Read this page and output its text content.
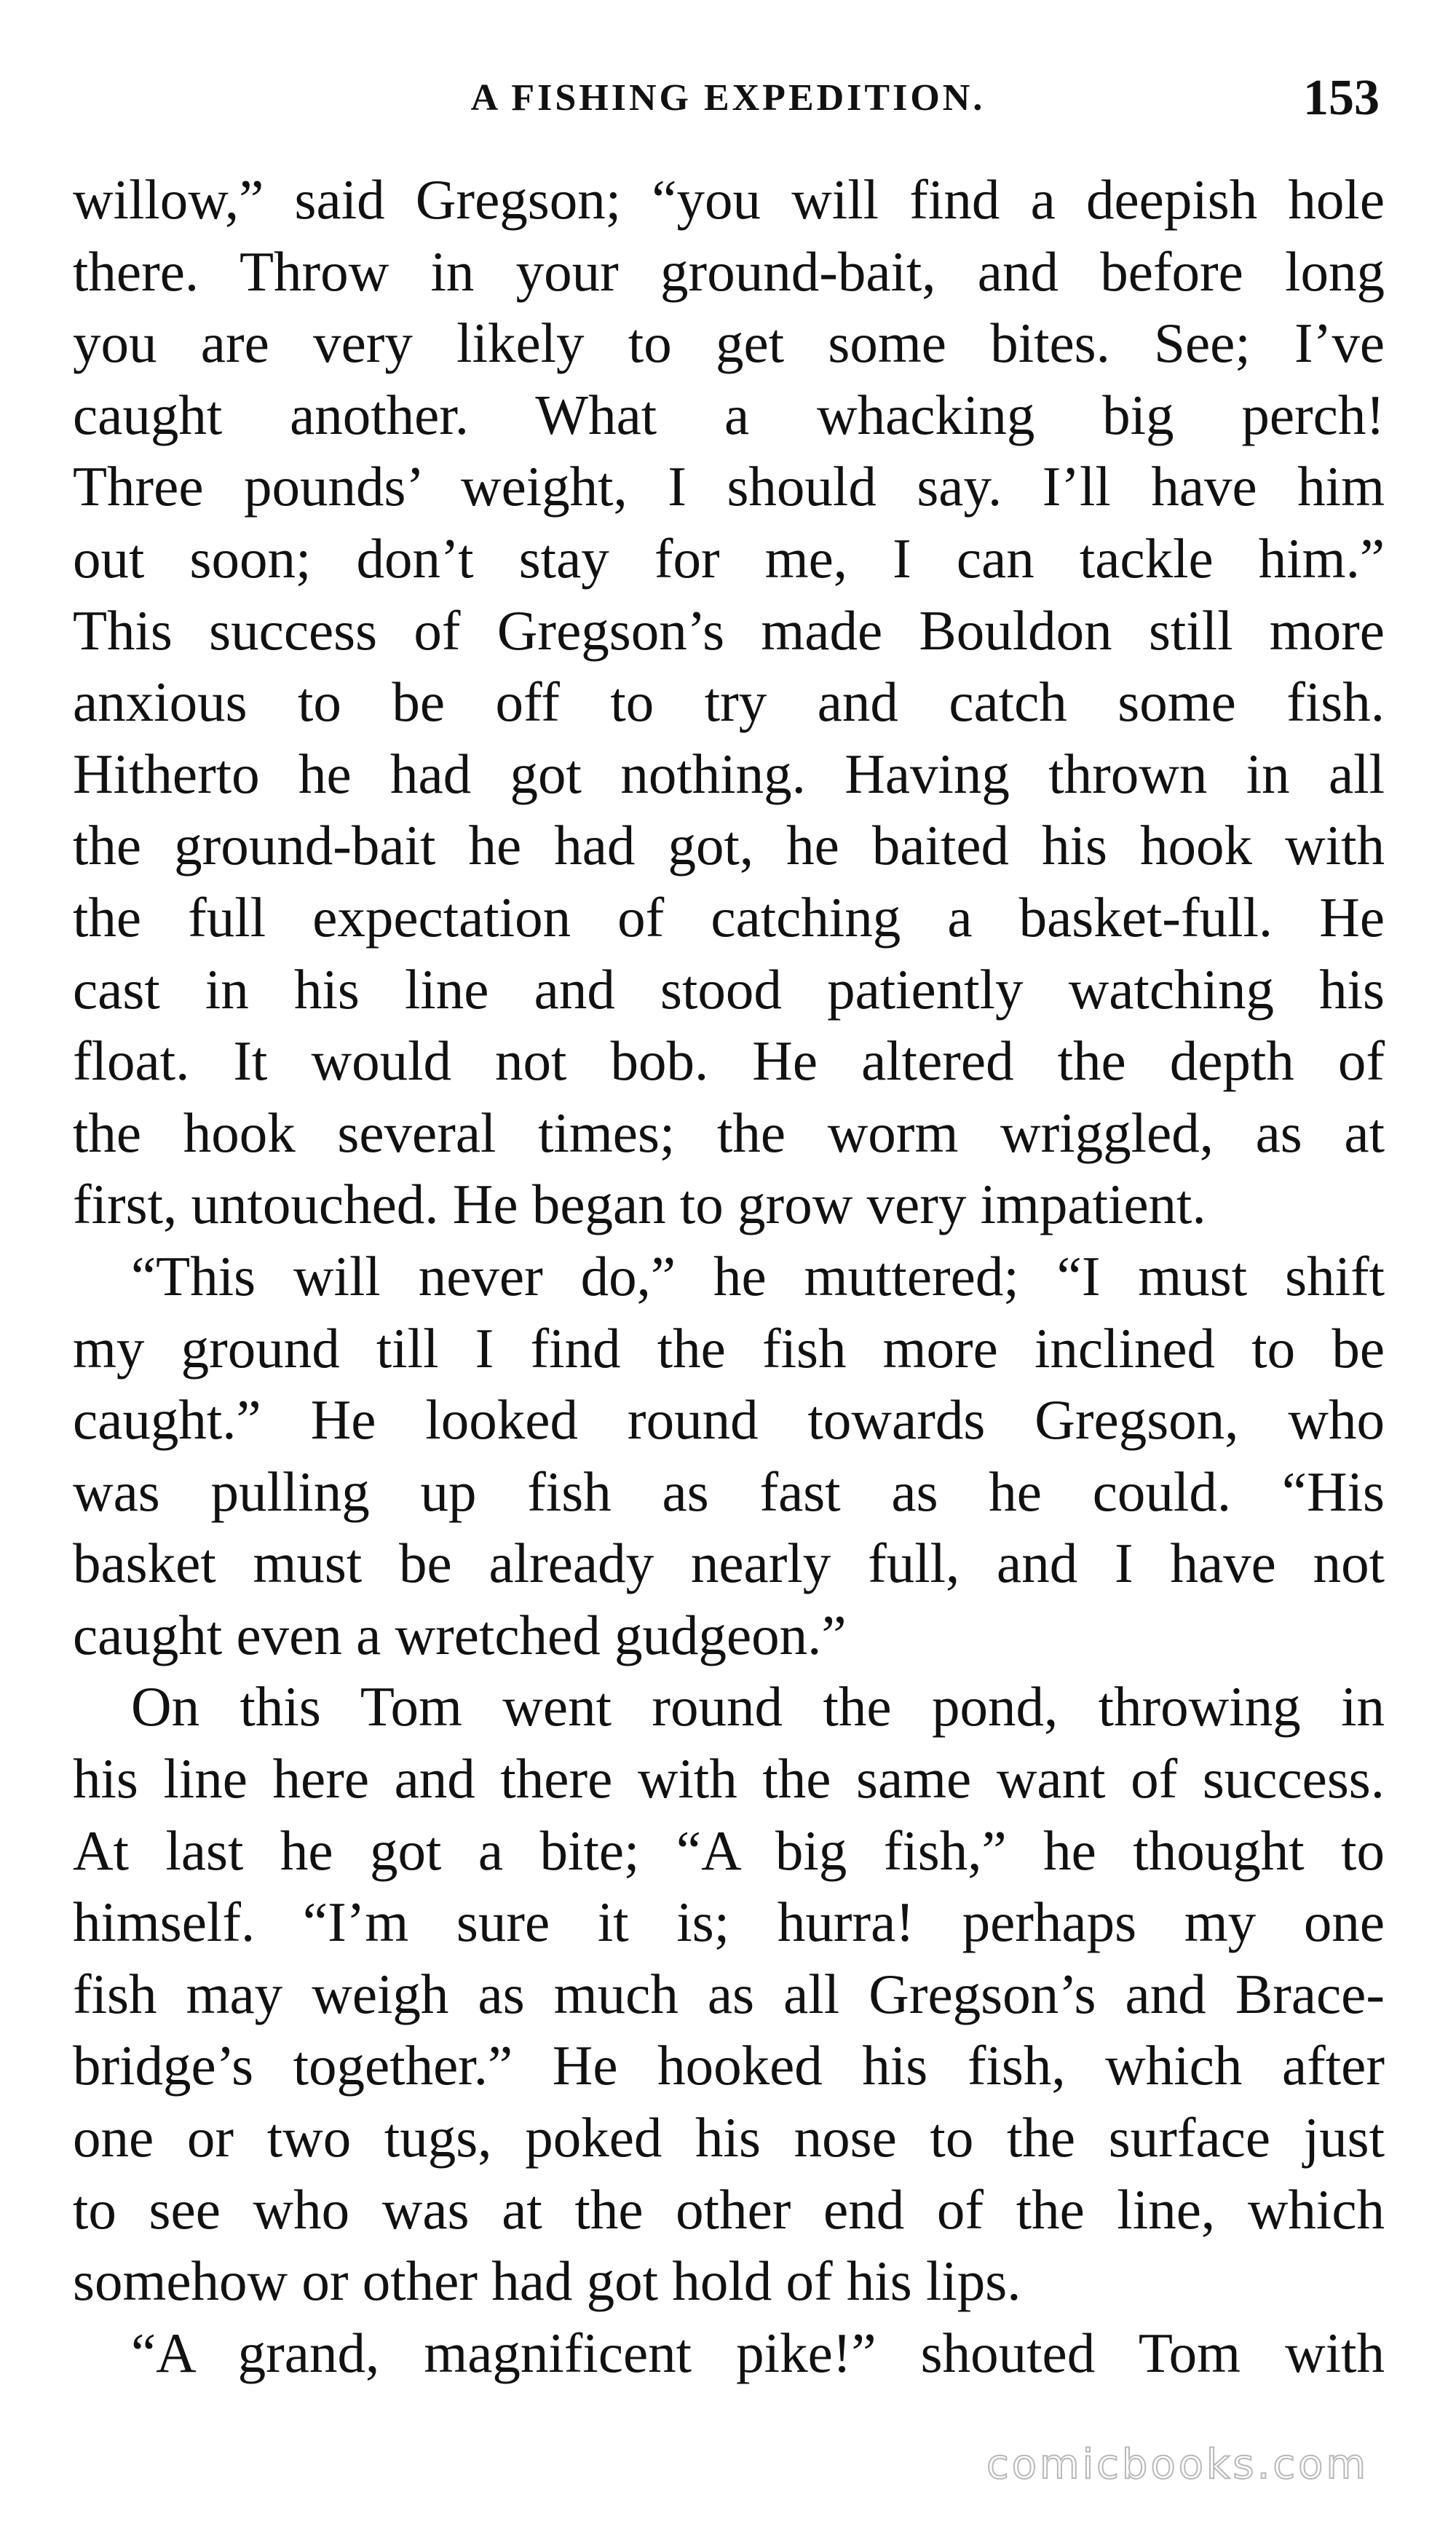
A FISHING EXPEDITION.	153
willow,” said Gregson; “you will find a deepish hole
there. Throw in your ground-bait, and before long
you are very likely to get some bites. See; I’ve
caught another. What a whacking big perch!
Three pounds’ weight, I should say. I’ll have him
out soon; don’t stay for me, I can tackle him.”
This success of Gregson’s made Bouldon still more
anxious to be off to try and catch some fish.
Hitherto he had got nothing. Having thrown in all
the ground-bait he had got, he baited his hook with
the full expectation of catching a basket-full. He
cast in his line and stood patiently watching his
float. It would not bob. He altered the depth of
the hook several times; the worm wriggled, as at
first, untouched. He began to grow very impatient.
“This will never do,” he muttered; “I must shift
my ground till I find the fish more inclined to be
caught.” He looked round towards Gregson, who
was pulling up fish as fast as he could. “His
basket must be already nearly full, and I have not
caught even a wretched gudgeon.”
On this Tom went round the pond, throwing in
his line here and there with the same want of success.
At last he got a bite; “A big fish,” he thought to
himself. “I’m sure it is; hurra! perhaps my one
fish may weigh as much as all Gregson’s and Brace-
bridge’s together.” He hooked his fish, which after
one or two tugs, poked his nose to the surface just
to see who was at the other end of the line, which
somehow or other had got hold of his lips.
“A grand, magnificent pike!” shouted Tom with
comicbooks.com
